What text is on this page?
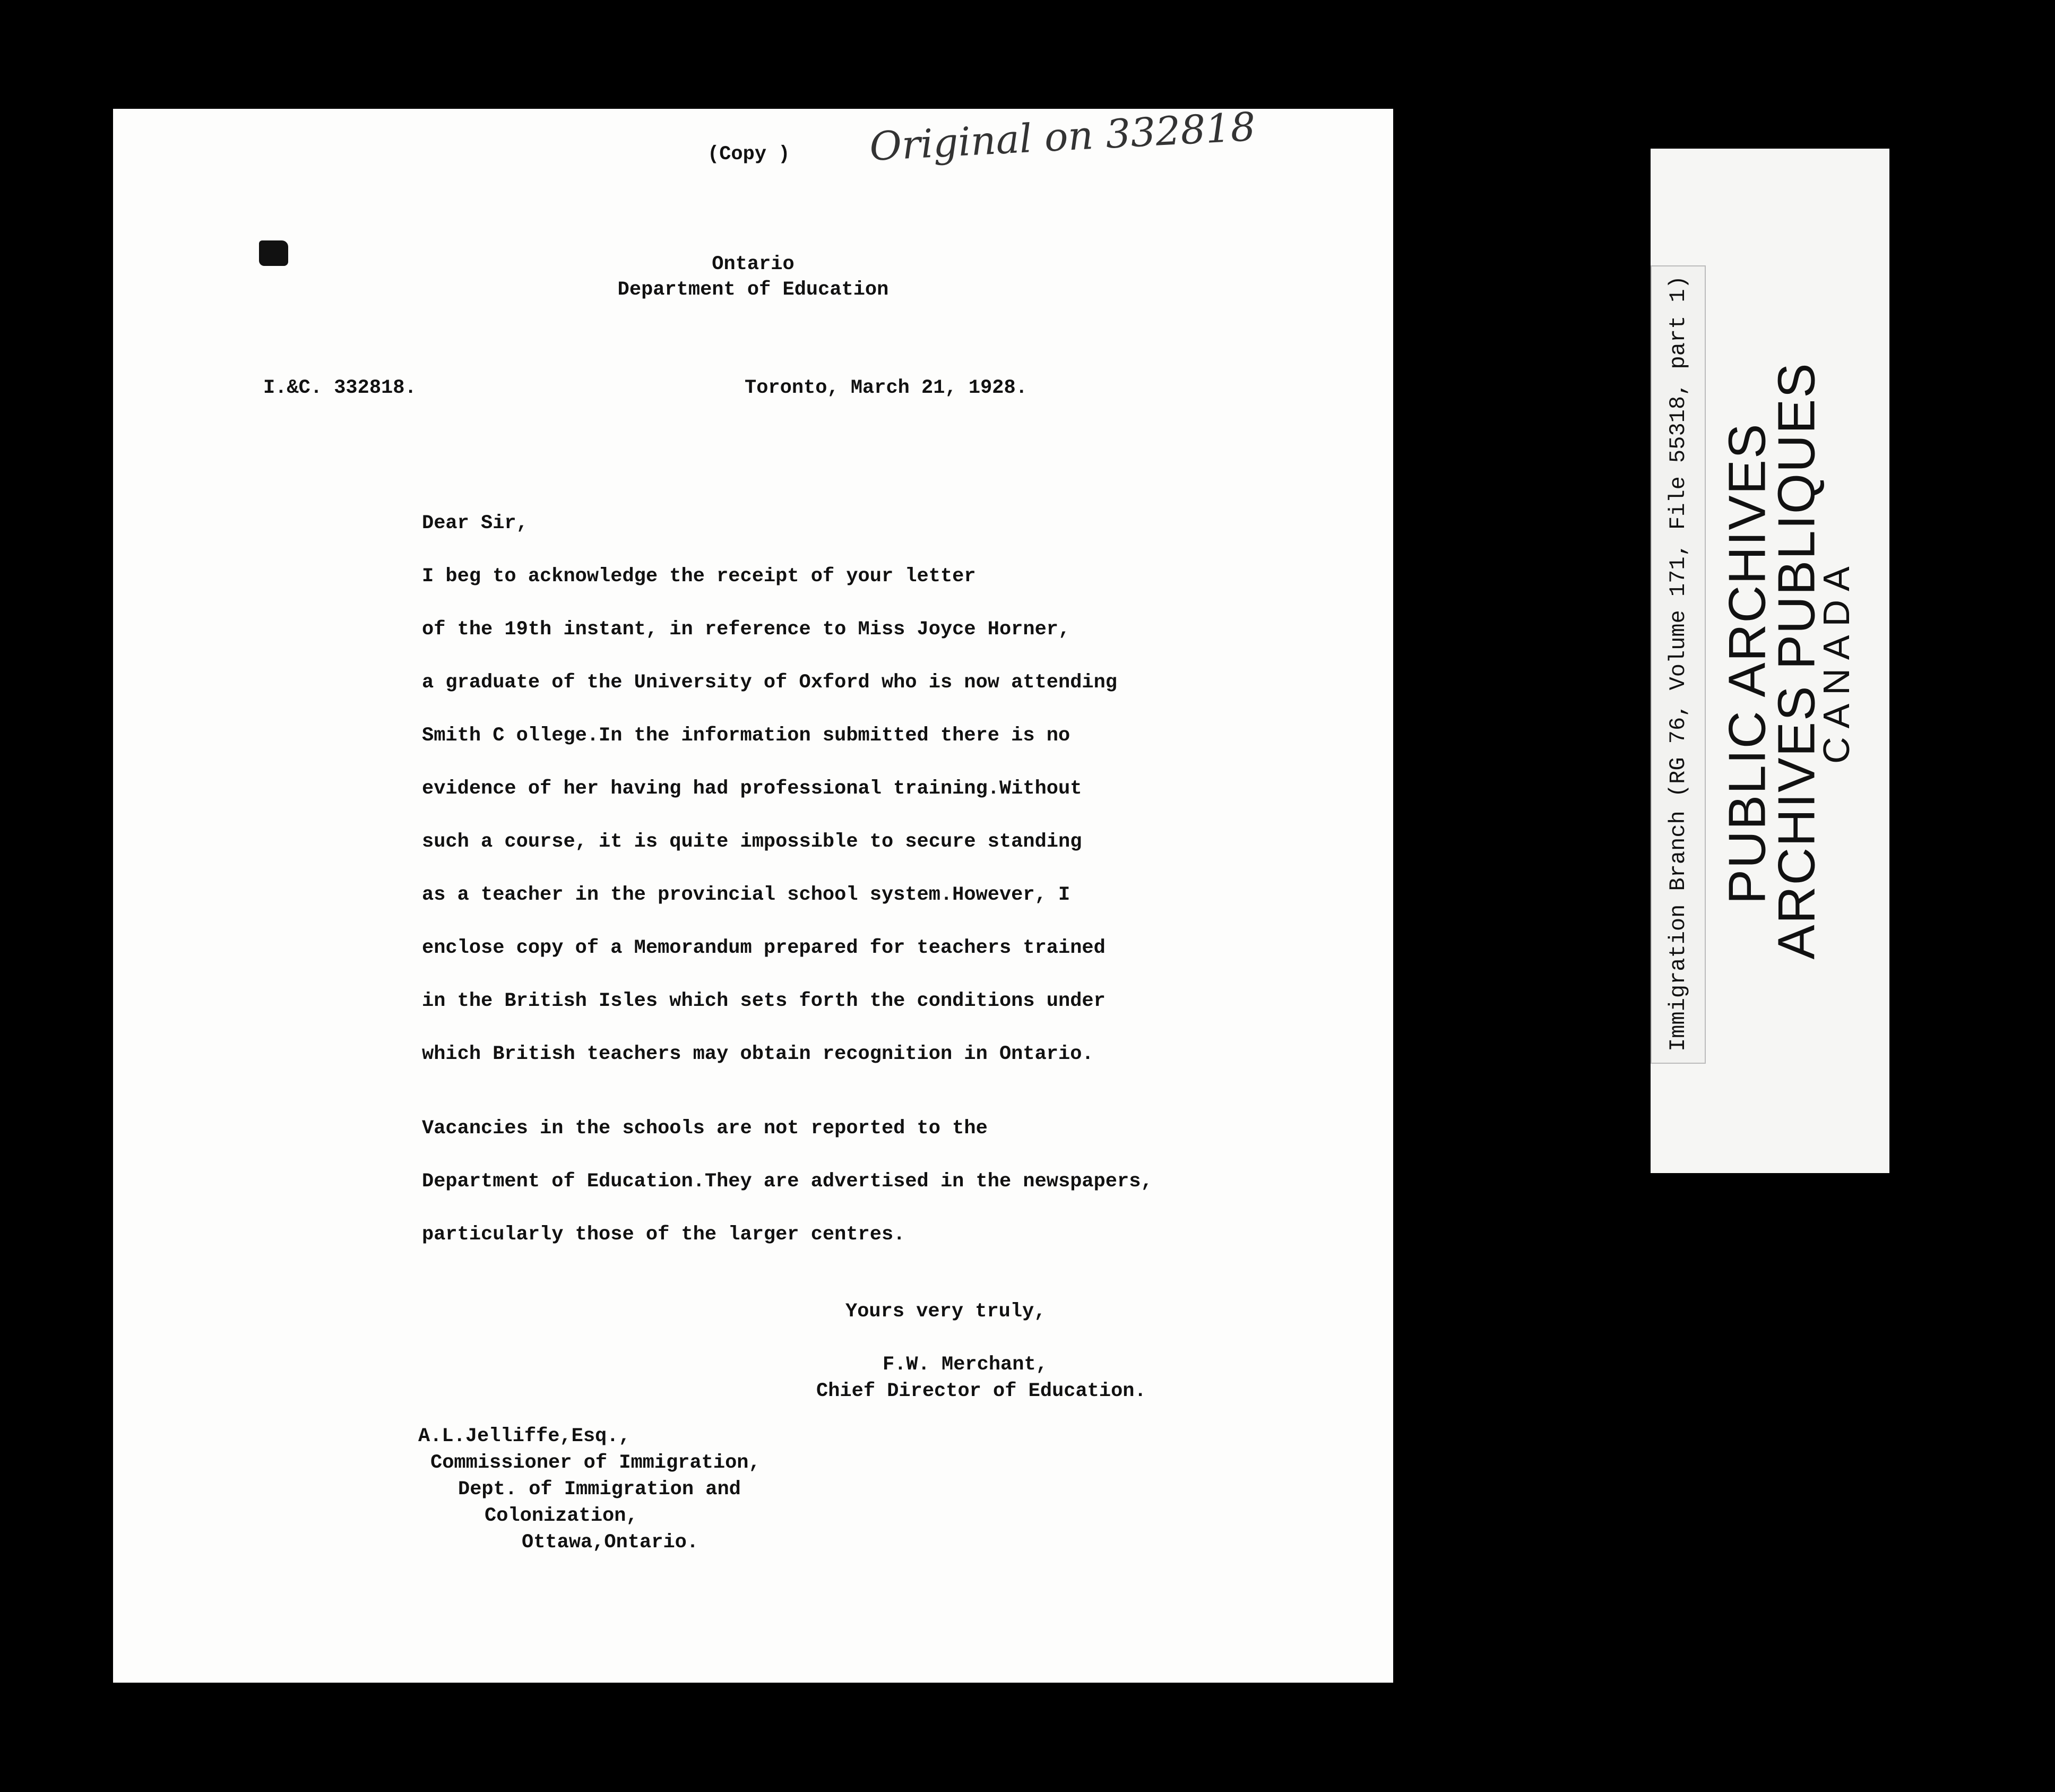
(Copy ) Original on 332818
Ontario
Department of Education
I.&C. 332818.	Toronto, March 21, 1928.
Dear Sir,
I beg to acknowledge the receipt of your letter
of the 19th instant, in reference to Miss Joyce Horner,
a graduate of the University of Oxford who is now attending
Smith C ollege.In the information submitted there is no
evidence of her having had professional training.Without
such a course, it is quite impossible to secure standing
as a teacher in the provincial school system.However, I
enclose copy of a Memorandum prepared for teachers trained
in the British Isles which sets forth the conditions under
which British teachers may obtain recognition in Ontario.
Vacancies in the schools are not reported to the
Department of Education.They are advertised in the newspapers,
particularly those of the larger centres.
Yours very truly,
F.W. Merchant,
Chief Director of Education.
A.L.Jelliffe,Esq.,
Commissioner of Immigration,
Dept. of Immigration and
Colonization,
Ottawa,Ontario.
Immigration Branch (RG 76, Volume 171, File 55318, part 1) PUBLIC ARCHIVES
ARCHIVES PUBLIQUES
CANADA
